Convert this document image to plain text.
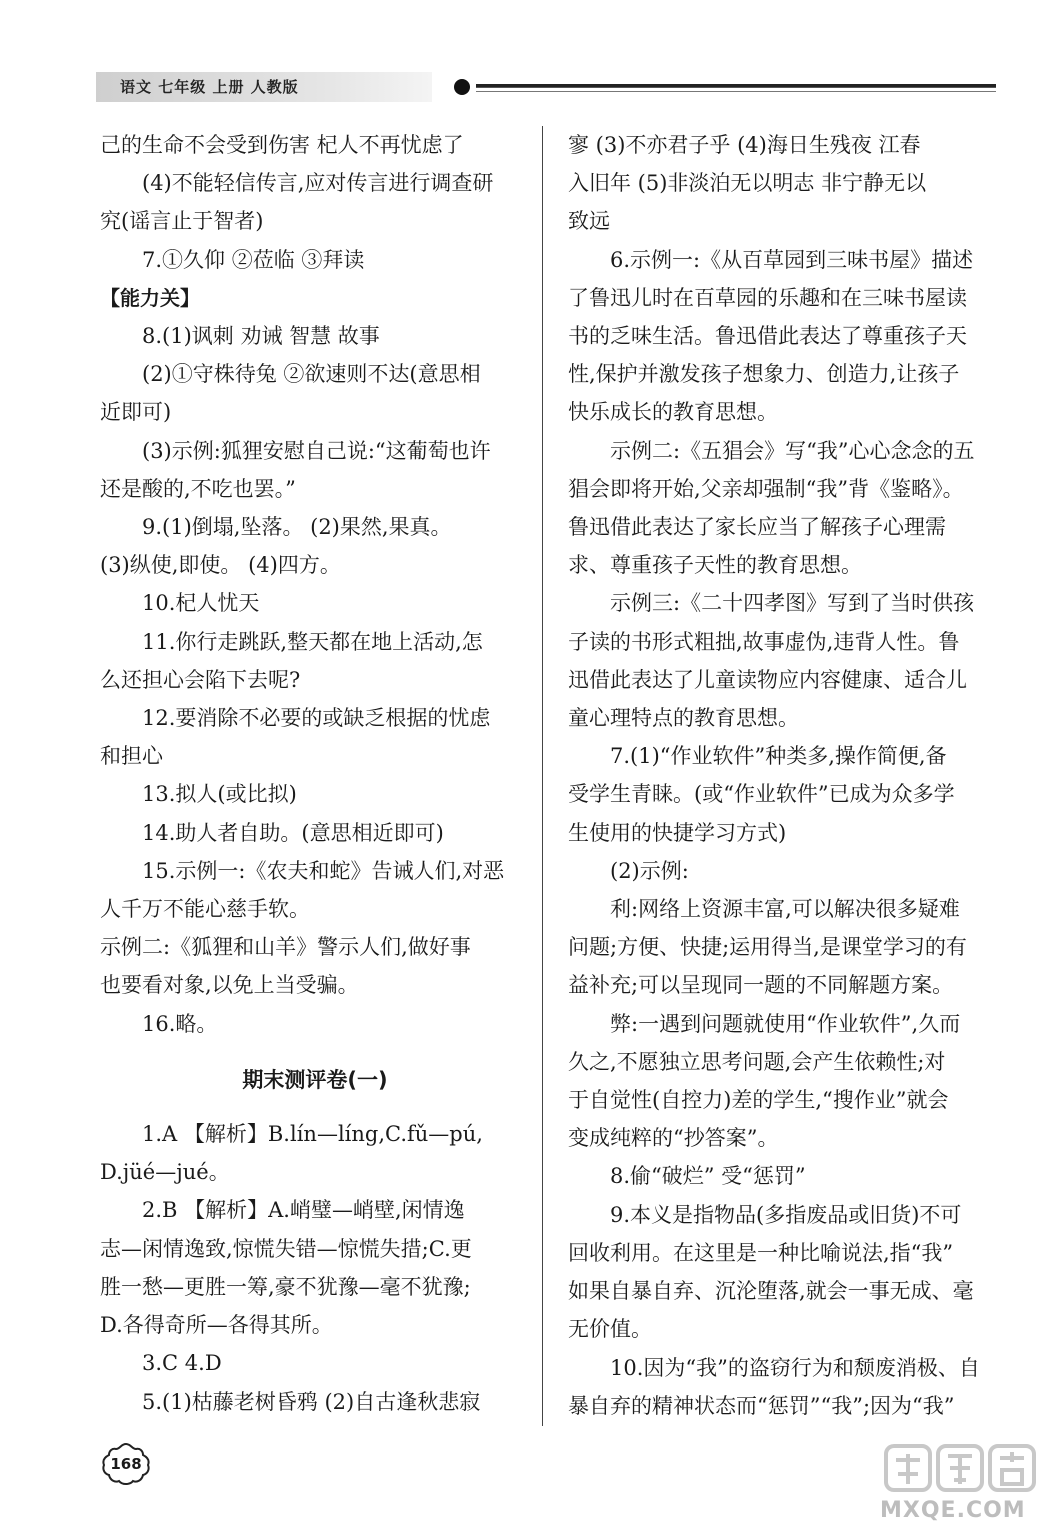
语文 七年级 上册 人教版

己的生命不会受到伤害 杞人不再忧虑了

(4)不能轻信传言,应对传言进行调查研

究(谣言止于智者)

7.①久仰 ②莅临 ③拜读

【能力关】

8.(1)讽刺 劝诫 智慧 故事

(2)①守株待兔 ②欲速则不达(意思相

近即可)

(3)示例:狐狸安慰自己说:“这葡萄也许

还是酸的,不吃也罢。”

9.(1)倒塌,坠落。 (2)果然,果真。

(3)纵使,即使。 (4)四方。

10.杞人忧天

11.你行走跳跃,整天都在地上活动,怎

么还担心会陷下去呢?

12.要消除不必要的或缺乏根据的忧虑

和担心

13.拟人(或比拟)

14.助人者自助。(意思相近即可)

15.示例一:《农夫和蛇》告诫人们,对恶

人千万不能心慈手软。

示例二:《狐狸和山羊》警示人们,做好事

也要看对象,以免上当受骗。

16.略。

期末测评卷(一)

1.A 【解析】B.lín—líng,C.fǔ—pú,

D.jüé—jué。

2.B 【解析】A.峭璧—峭壁,闲情逸

志—闲情逸致,惊慌失错—惊慌失措;C.更

胜一愁—更胜一筹,豪不犹豫—毫不犹豫;

D.各得奇所—各得其所。

3.C 4.D

5.(1)枯藤老树昏鸦 (2)自古逢秋悲寂

寥 (3)不亦君子乎 (4)海日生残夜 江春

入旧年 (5)非淡泊无以明志 非宁静无以

致远

6.示例一:《从百草园到三味书屋》描述

了鲁迅儿时在百草园的乐趣和在三味书屋读

书的乏味生活。鲁迅借此表达了尊重孩子天

性,保护并激发孩子想象力、创造力,让孩子

快乐成长的教育思想。

示例二:《五猖会》写“我”心心念念的五

猖会即将开始,父亲却强制“我”背《鉴略》。

鲁迅借此表达了家长应当了解孩子心理需

求、尊重孩子天性的教育思想。

示例三:《二十四孝图》写到了当时供孩

子读的书形式粗拙,故事虚伪,违背人性。鲁

迅借此表达了儿童读物应内容健康、适合儿

童心理特点的教育思想。

7.(1)“作业软件”种类多,操作简便,备

受学生青睐。(或“作业软件”已成为众多学

生使用的快捷学习方式)

(2)示例:

利:网络上资源丰富,可以解决很多疑难

问题;方便、快捷;运用得当,是课堂学习的有

益补充;可以呈现同一题的不同解题方案。

弊:一遇到问题就使用“作业软件”,久而

久之,不愿独立思考问题,会产生依赖性;对

于自觉性(自控力)差的学生,“搜作业”就会

变成纯粹的“抄答案”。

8.偷“破烂” 受“惩罚”

9.本义是指物品(多指废品或旧货)不可

回收利用。在这里是一种比喻说法,指“我”

如果自暴自弃、沉沦堕落,就会一事无成、毫

无价值。

10.因为“我”的盗窃行为和颓废消极、自

暴自弃的精神状态而“惩罚”“我”;因为“我”

168
MXQE.COM
